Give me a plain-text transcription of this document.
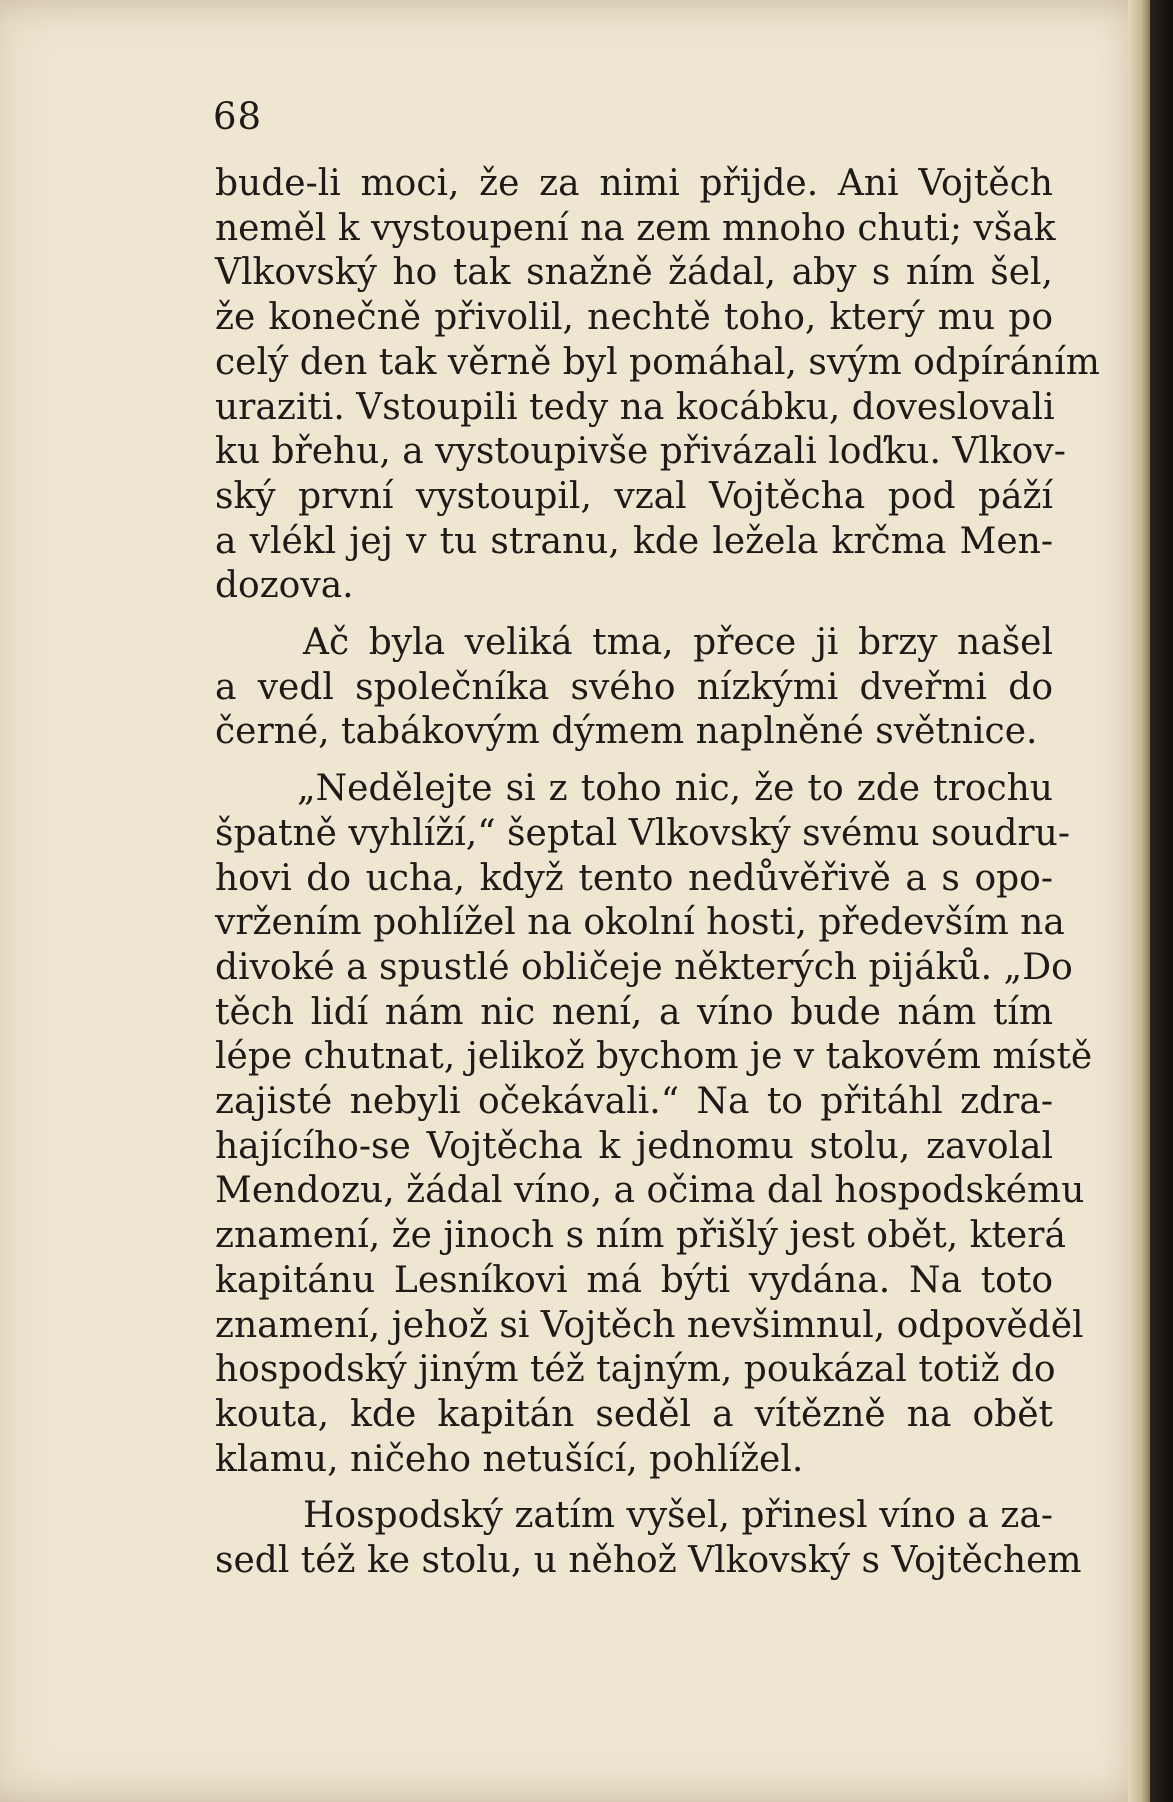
68

bude-li moci, že za nimi přijde. Ani Vojtěch
neměl k vystoupení na zem mnoho chuti; však
Vlkovský ho tak snažně žádal, aby s ním šel,
že konečně přivolil, nechtě toho, který mu po
celý den tak věrně byl pomáhal, svým odpíráním
uraziti. Vstoupili tedy na kocábku, doveslovali
ku břehu, a vystoupivše přivázali loďku. Vlkov-
ský první vystoupil, vzal Vojtěcha pod páží
a vlékl jej v tu stranu, kde ležela krčma Men-
dozova.

Ač byla veliká tma, přece ji brzy našel
a vedl společníka svého nízkými dveřmi do
černé, tabákovým dýmem naplněné světnice.

„Nedělejte si z toho nic, že to zde trochu
špatně vyhlíží,“ šeptal Vlkovský svému soudru-
hovi do ucha, když tento nedůvěřivě a s opo-
vržením pohlížel na okolní hosti, především na
divoké a spustlé obličeje některých pijáků. „Do
těch lidí nám nic není, a víno bude nám tím
lépe chutnat, jelikož bychom je v takovém místě
zajisté nebyli očekávali.“ Na to přitáhl zdra-
hajícího-se Vojtěcha k jednomu stolu, zavolal
Mendozu, žádal víno, a očima dal hospodskému
znamení, že jinoch s ním přišlý jest obět, která
kapitánu Lesníkovi má býti vydána. Na toto
znamení, jehož si Vojtěch nevšimnul, odpověděl
hospodský jiným též tajným, poukázal totiž do
kouta, kde kapitán seděl a vítězně na obět
klamu, ničeho netušící, pohlížel.

Hospodský zatím vyšel, přinesl víno a za-
sedl též ke stolu, u něhož Vlkovský s Vojtěchem
